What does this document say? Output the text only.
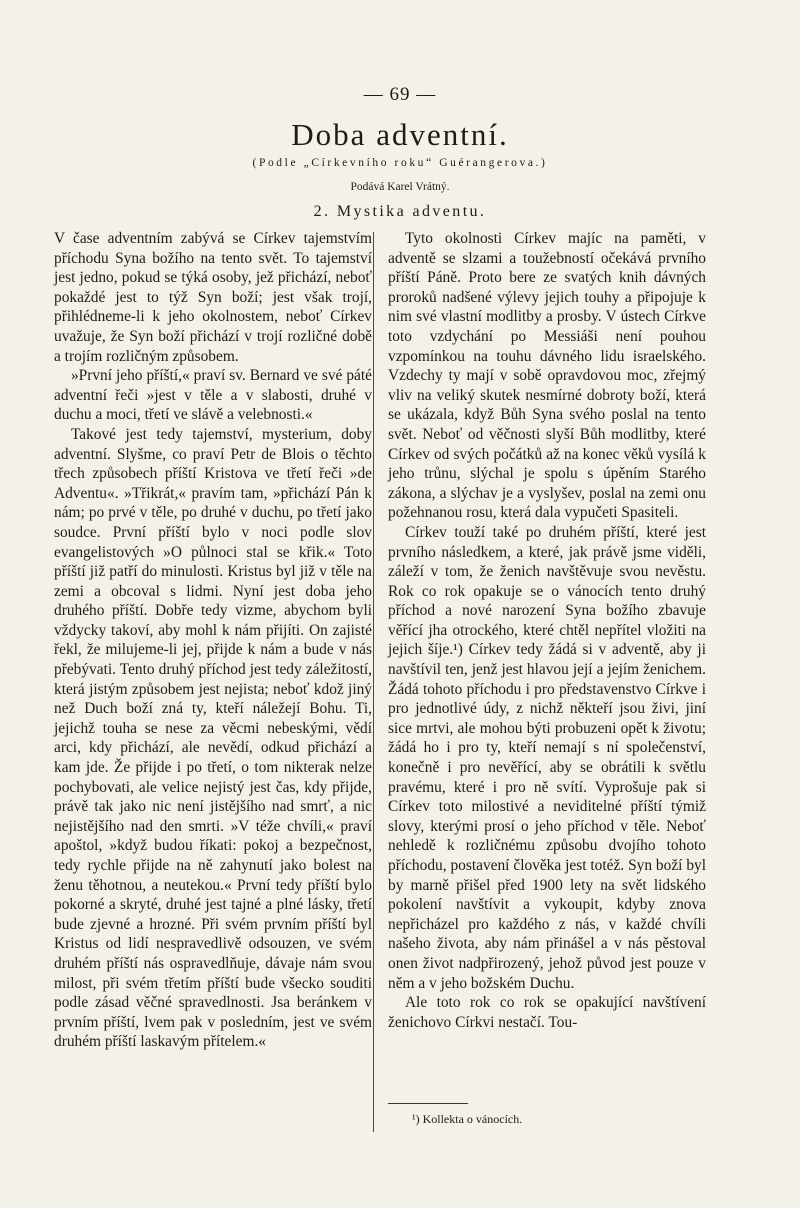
— 69 —
Doba adventní.
(Podle „Církevního roku“ Guérangerova.)
Podává Karel Vrátný.
2. Mystika adventu.

V čase adventním zabývá se Církev tajemstvím příchodu Syna božího na tento svět. To tajemství jest jedno, pokud se týká osoby, jež přichází, neboť pokaždé jest to týž Syn boží; jest však trojí, přihlédneme-li k jeho okolnostem, neboť Církev uvažuje, že Syn boží přichází v trojí rozličné době a trojím rozličným způsobem.

»První jeho příští,« praví sv. Bernard ve své páté adventní řeči »jest v těle a v slabosti, druhé v duchu a moci, třetí ve slávě a velebnosti.«

Takové jest tedy tajemství, mysterium, doby adventní. Slyšme, co praví Petr de Blois o těchto třech způsobech příští Kristova ve třetí řeči »de Adventu«. »Třikrát,« pravím tam, »přichází Pán k nám; po prvé v těle, po druhé v duchu, po třetí jako soudce. První příští bylo v noci podle slov evangelistových »O půlnoci stal se křik.« Toto příští již patří do minulosti. Kristus byl již v těle na zemi a obcoval s lidmi. Nyní jest doba jeho druhého příští. Dobře tedy vizme, abychom byli vždycky takoví, aby mohl k nám přijíti. On zajisté řekl, že milujeme-li jej, přijde k nám a bude v nás přebývati. Tento druhý příchod jest tedy záležitostí, která jistým způsobem jest nejista; neboť kdož jiný než Duch boží zná ty, kteří náležejí Bohu. Ti, jejichž touha se nese za věcmi nebeskými, vědí arci, kdy přichází, ale nevědí, odkud přichází a kam jde. Že přijde i po třetí, o tom nikterak nelze pochybovati, ale velice nejistý jest čas, kdy přijde, právě tak jako nic není jistějšího nad smrť, a nic nejistějšího nad den smrti. »V téže chvíli,« praví apoštol, »když budou říkati: pokoj a bezpečnost, tedy rychle přijde na ně zahynutí jako bolest na ženu těhotnou, a neutekou.« První tedy příští bylo pokorné a skryté, druhé jest tajné a plné lásky, třetí bude zjevné a hrozné. Při svém prvním příští byl Kristus od lidí nespravedlivě odsouzen, ve svém druhém příští nás ospravedlňuje, dávaje nám svou milost, při svém třetím příští bude všecko souditi podle zásad věčné spravedlnosti. Jsa beránkem v prvním příští, lvem pak v posledním, jest ve svém druhém příští laskavým přítelem.«

Tyto okolnosti Církev majíc na paměti, v adventě se slzami a toužebností očekává prvního příští Páně. Proto bere ze svatých knih dávných proroků nadšené výlevy jejich touhy a připojuje k nim své vlastní modlitby a prosby. V ústech Církve toto vzdychání po Messiáši není pouhou vzpomínkou na touhu dávného lidu israelského. Vzdechy ty mají v sobě opravdovou moc, zřejmý vliv na veliký skutek nesmírné dobroty boží, která se ukázala, když Bůh Syna svého poslal na tento svět. Neboť od věčnosti slyší Bůh modlitby, které Církev od svých počátků až na konec věků vysílá k jeho trůnu, slýchal je spolu s úpěním Starého zákona, a slýchav je a vyslyšev, poslal na zemi onu požehnanou rosu, která dala vypučeti Spasiteli.

Církev touží také po druhém příští, které jest prvního následkem, a které, jak právě jsme viděli, záleží v tom, že ženich navštěvuje svou nevěstu. Rok co rok opakuje se o vánocích tento druhý příchod a nové narození Syna božího zbavuje věřící jha otrockého, které chtěl nepřítel vložiti na jejich šíje.¹) Církev tedy žádá si v adventě, aby ji navštívil ten, jenž jest hlavou její a jejím ženichem. Žádá tohoto příchodu i pro představenstvo Církve i pro jednotlivé údy, z nichž někteří jsou živi, jiní sice mrtvi, ale mohou býti probuzeni opět k životu; žádá ho i pro ty, kteří nemají s ní společenství, konečně i pro nevěřící, aby se obrátili k světlu pravému, které i pro ně svítí. Vyprošuje pak si Církev toto milostivé a neviditelné příští týmiž slovy, kterými prosí o jeho příchod v těle. Neboť nehledě k rozličnému způsobu dvojího tohoto příchodu, postavení člověka jest totéž. Syn boží byl by marně přišel před 1900 lety na svět lidského pokolení navštívit a vykoupit, kdyby znova nepřicházel pro každého z nás, v každé chvíli našeho života, aby nám přinášel a v nás pěstoval onen život nadpřirozený, jehož původ jest pouze v něm a v jeho božském Duchu.

Ale toto rok co rok se opakující navštívení ženichovo Církvi nestačí. Tou-

¹) Kollekta o vánocích.
